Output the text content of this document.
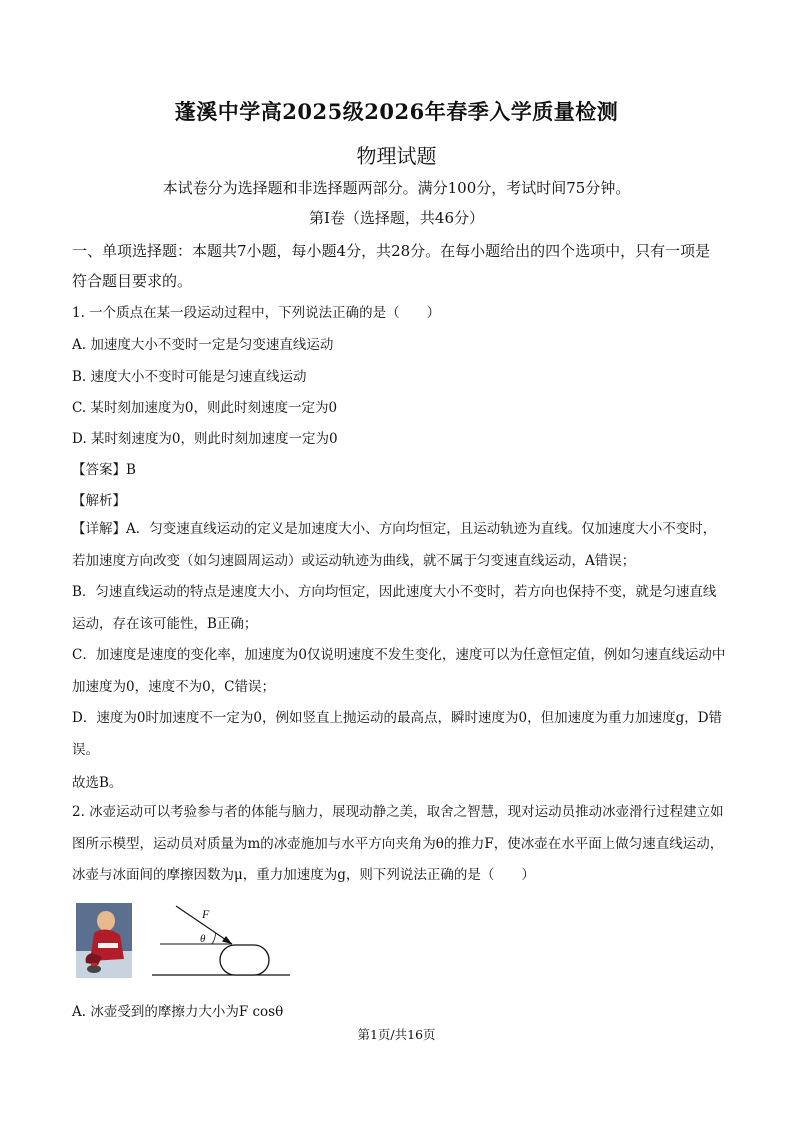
蓬溪中学高2025级2026年春季入学质量检测
物理试题
本试卷分为选择题和非选择题两部分。满分100分，考试时间75分钟。
第Ⅰ卷（选择题，共46分）
一、单项选择题：本题共7小题，每小题4分，共28分。在每小题给出的四个选项中，只有一项是符合题目要求的。
1. 一个质点在某一段运动过程中，下列说法正确的是（　　）
A. 加速度大小不变时一定是匀变速直线运动
B. 速度大小不变时可能是匀速直线运动
C. 某时刻加速度为0，则此时刻速度一定为0
D. 某时刻速度为0，则此时刻加速度一定为0
【答案】B
【解析】
【详解】A．匀变速直线运动的定义是加速度大小、方向均恒定，且运动轨迹为直线。仅加速度大小不变时，若加速度方向改变（如匀速圆周运动）或运动轨迹为曲线，就不属于匀变速直线运动，A错误；
B．匀速直线运动的特点是速度大小、方向均恒定，因此速度大小不变时，若方向也保持不变，就是匀速直线运动，存在该可能性，B正确；
C．加速度是速度的变化率，加速度为0仅说明速度不发生变化，速度可以为任意恒定值，例如匀速直线运动中加速度为0，速度不为0，C错误；
D．速度为0时加速度不一定为0，例如竖直上抛运动的最高点，瞬时速度为0，但加速度为重力加速度g，D错误。
故选B。
2. 冰壶运动可以考验参与者的体能与脑力，展现动静之美，取舍之智慧，现对运动员推动冰壶滑行过程建立如图所示模型，运动员对质量为m的冰壶施加与水平方向夹角为θ的推力F，使冰壶在水平面上做匀速直线运动，冰壶与冰面间的摩擦因数为μ，重力加速度为g，则下列说法正确的是（　　）
F
θ
A. 冰壶受到的摩擦力大小为F cosθ
第1页/共16页
